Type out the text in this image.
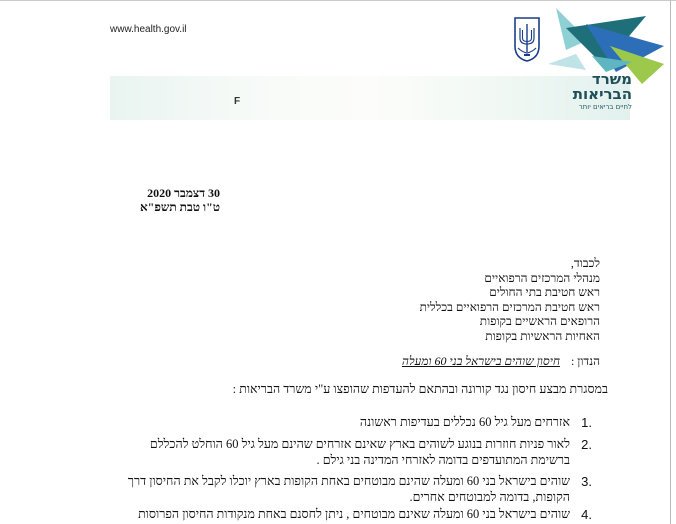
www.health.gov.il
F
משרד
הבריאות
לחיים בריאים יותר
30 דצמבר 2020
ט"ו טבת תשפ"א
לכבוד,
מנהלי המרכזים הרפואיים
ראש חטיבת בתי החולים
ראש חטיבת המרכזים הרפואיים בכללית
הרופאים הראשיים בקופות
האחיות הראשיות בקופות
הנדון : חיסון שוהים בישראל בני 60 ומעלה
במסגרת מבצע חיסון נגד קורונה ובהתאם להעדפות שהופצו ע"י משרד הבריאות :
1.
אזרחים מעל גיל 60 נכללים בעדיפות ראשונה
2.
לאור פניות חוזרות בנוגע לשוהים בארץ שאינם אזרחים שהינם מעל גיל 60 הוחלט להכללם
ברשימת המתועדפים בדומה לאזרחי המדינה בני גילם .
3.
שוהים בישראל בני 60 ומעלה שהינם מבוטחים באחת הקופות בארץ יוכלו לקבל את החיסון דרך
הקופות, בדומה למבוטחים אחרים.
4.
שוהים בישראל בני 60 ומעלה שאינם מבוטחים , ניתן לחסנם באחת מנקודות החיסון הפרוסות
